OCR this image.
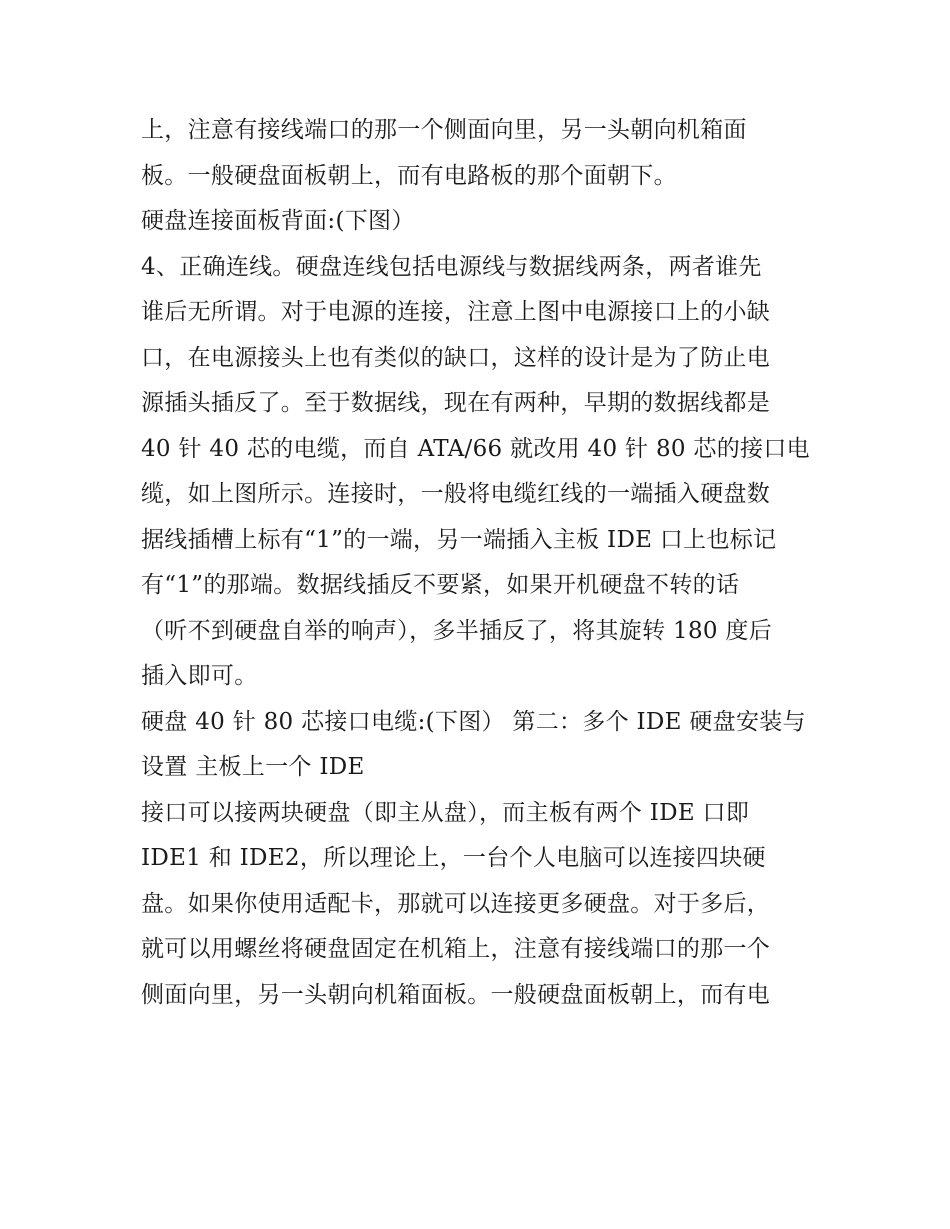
上，注意有接线端口的那一个侧面向里，另一头朝向机箱面
板。一般硬盘面板朝上，而有电路板的那个面朝下。
硬盘连接面板背面:(下图）
4、正确连线。硬盘连线包括电源线与数据线两条，两者谁先
谁后无所谓。对于电源的连接，注意上图中电源接口上的小缺
口，在电源接头上也有类似的缺口，这样的设计是为了防止电
源插头插反了。至于数据线，现在有两种，早期的数据线都是
40 针 40 芯的电缆，而自 ATA/66 就改用 40 针 80 芯的接口电
缆，如上图所示。连接时，一般将电缆红线的一端插入硬盘数
据线插槽上标有“1”的一端，另一端插入主板 IDE 口上也标记
有“1”的那端。数据线插反不要紧，如果开机硬盘不转的话
（听不到硬盘自举的响声），多半插反了，将其旋转 180 度后
插入即可。
硬盘 40 针 80 芯接口电缆:(下图） 第二：多个 IDE 硬盘安装与
设置 主板上一个 IDE
接口可以接两块硬盘（即主从盘），而主板有两个 IDE 口即
IDE1 和 IDE2，所以理论上，一台个人电脑可以连接四块硬
盘。如果你使用适配卡，那就可以连接更多硬盘。对于多后，
就可以用螺丝将硬盘固定在机箱上，注意有接线端口的那一个
侧面向里，另一头朝向机箱面板。一般硬盘面板朝上，而有电
